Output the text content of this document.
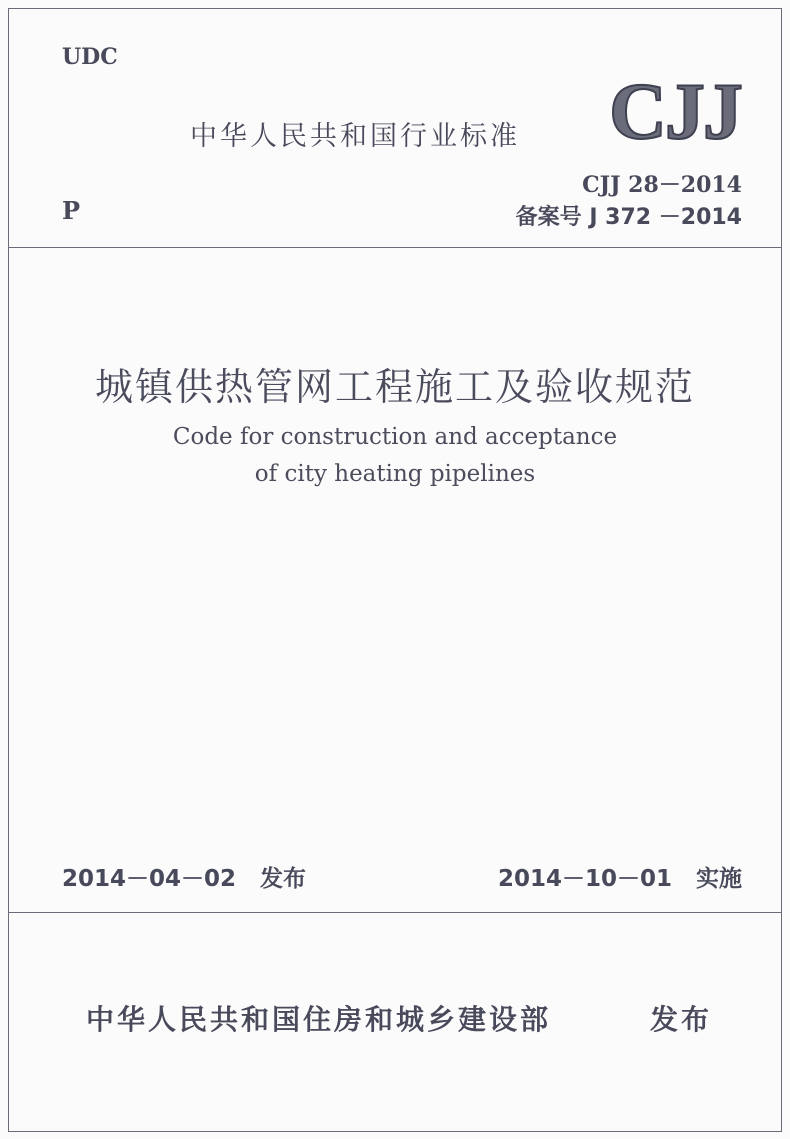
UDC
中华人民共和国行业标准 CJJ
CJJ 28－2014
P	备案号 J 372 －2014
城镇供热管网工程施工及验收规范
Code for construction and acceptance
of city heating pipelines
2014－04－02 发布	2014－10－01 实施
中华人民共和国住房和城乡建设部	发布
